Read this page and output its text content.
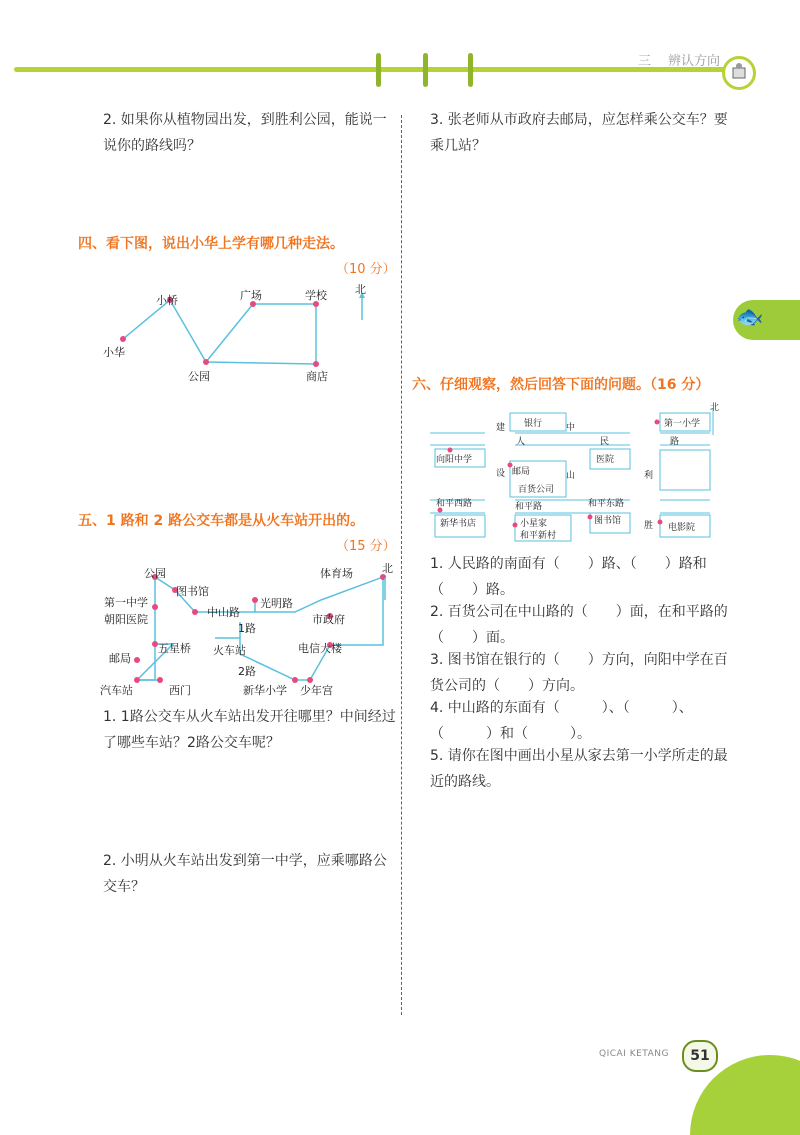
三 辨认方向
2. 如果你从植物园出发，到胜利公园，能说一说你的路线吗？
四、看下图，说出小华上学有哪几种走法。
（10 分）
小华
小桥
公园
广场	学校
商店
北
五、1 路和 2 路公交车都是从火车站开出的。
（15 分）
公园
图书馆
第一中学
朝阳医院
中山路
光明路
体育场
市政府
电信大楼
五星桥
邮局
火车站
1路
2路
汽车站	西门	新华小学 少年宫
北
1. 1路公交车从火车站出发开往哪里？中间经过了哪些车站？2路公交车呢？
2. 小明从火车站出发到第一中学，应乘哪路公交车？
3. 张老师从市政府去邮局，应怎样乘公交车？要乘几站？
🐟
六、仔细观察，然后回答下面的问题。（16 分）
银行	第一小学
向阳中学
邮局
百货公司
医院
和平西路	和平路	和平东路
新华书店	小星家
和平新村
图书馆
电影院
建
设
中
山
人	民	路
利
胜
北
1. 人民路的南面有（　　）路、（　　）路和（　　）路。
2. 百货公司在中山路的（　　）面，在和平路的（　　）面。
3. 图书馆在银行的（　　）方向，向阳中学在百货公司的（　　）方向。
4. 中山路的东面有（　　　）、（　　　）、（　　　）和（　　　）。
5. 请你在图中画出小星从家去第一小学所走的最近的路线。
QICAI KETANG	51
